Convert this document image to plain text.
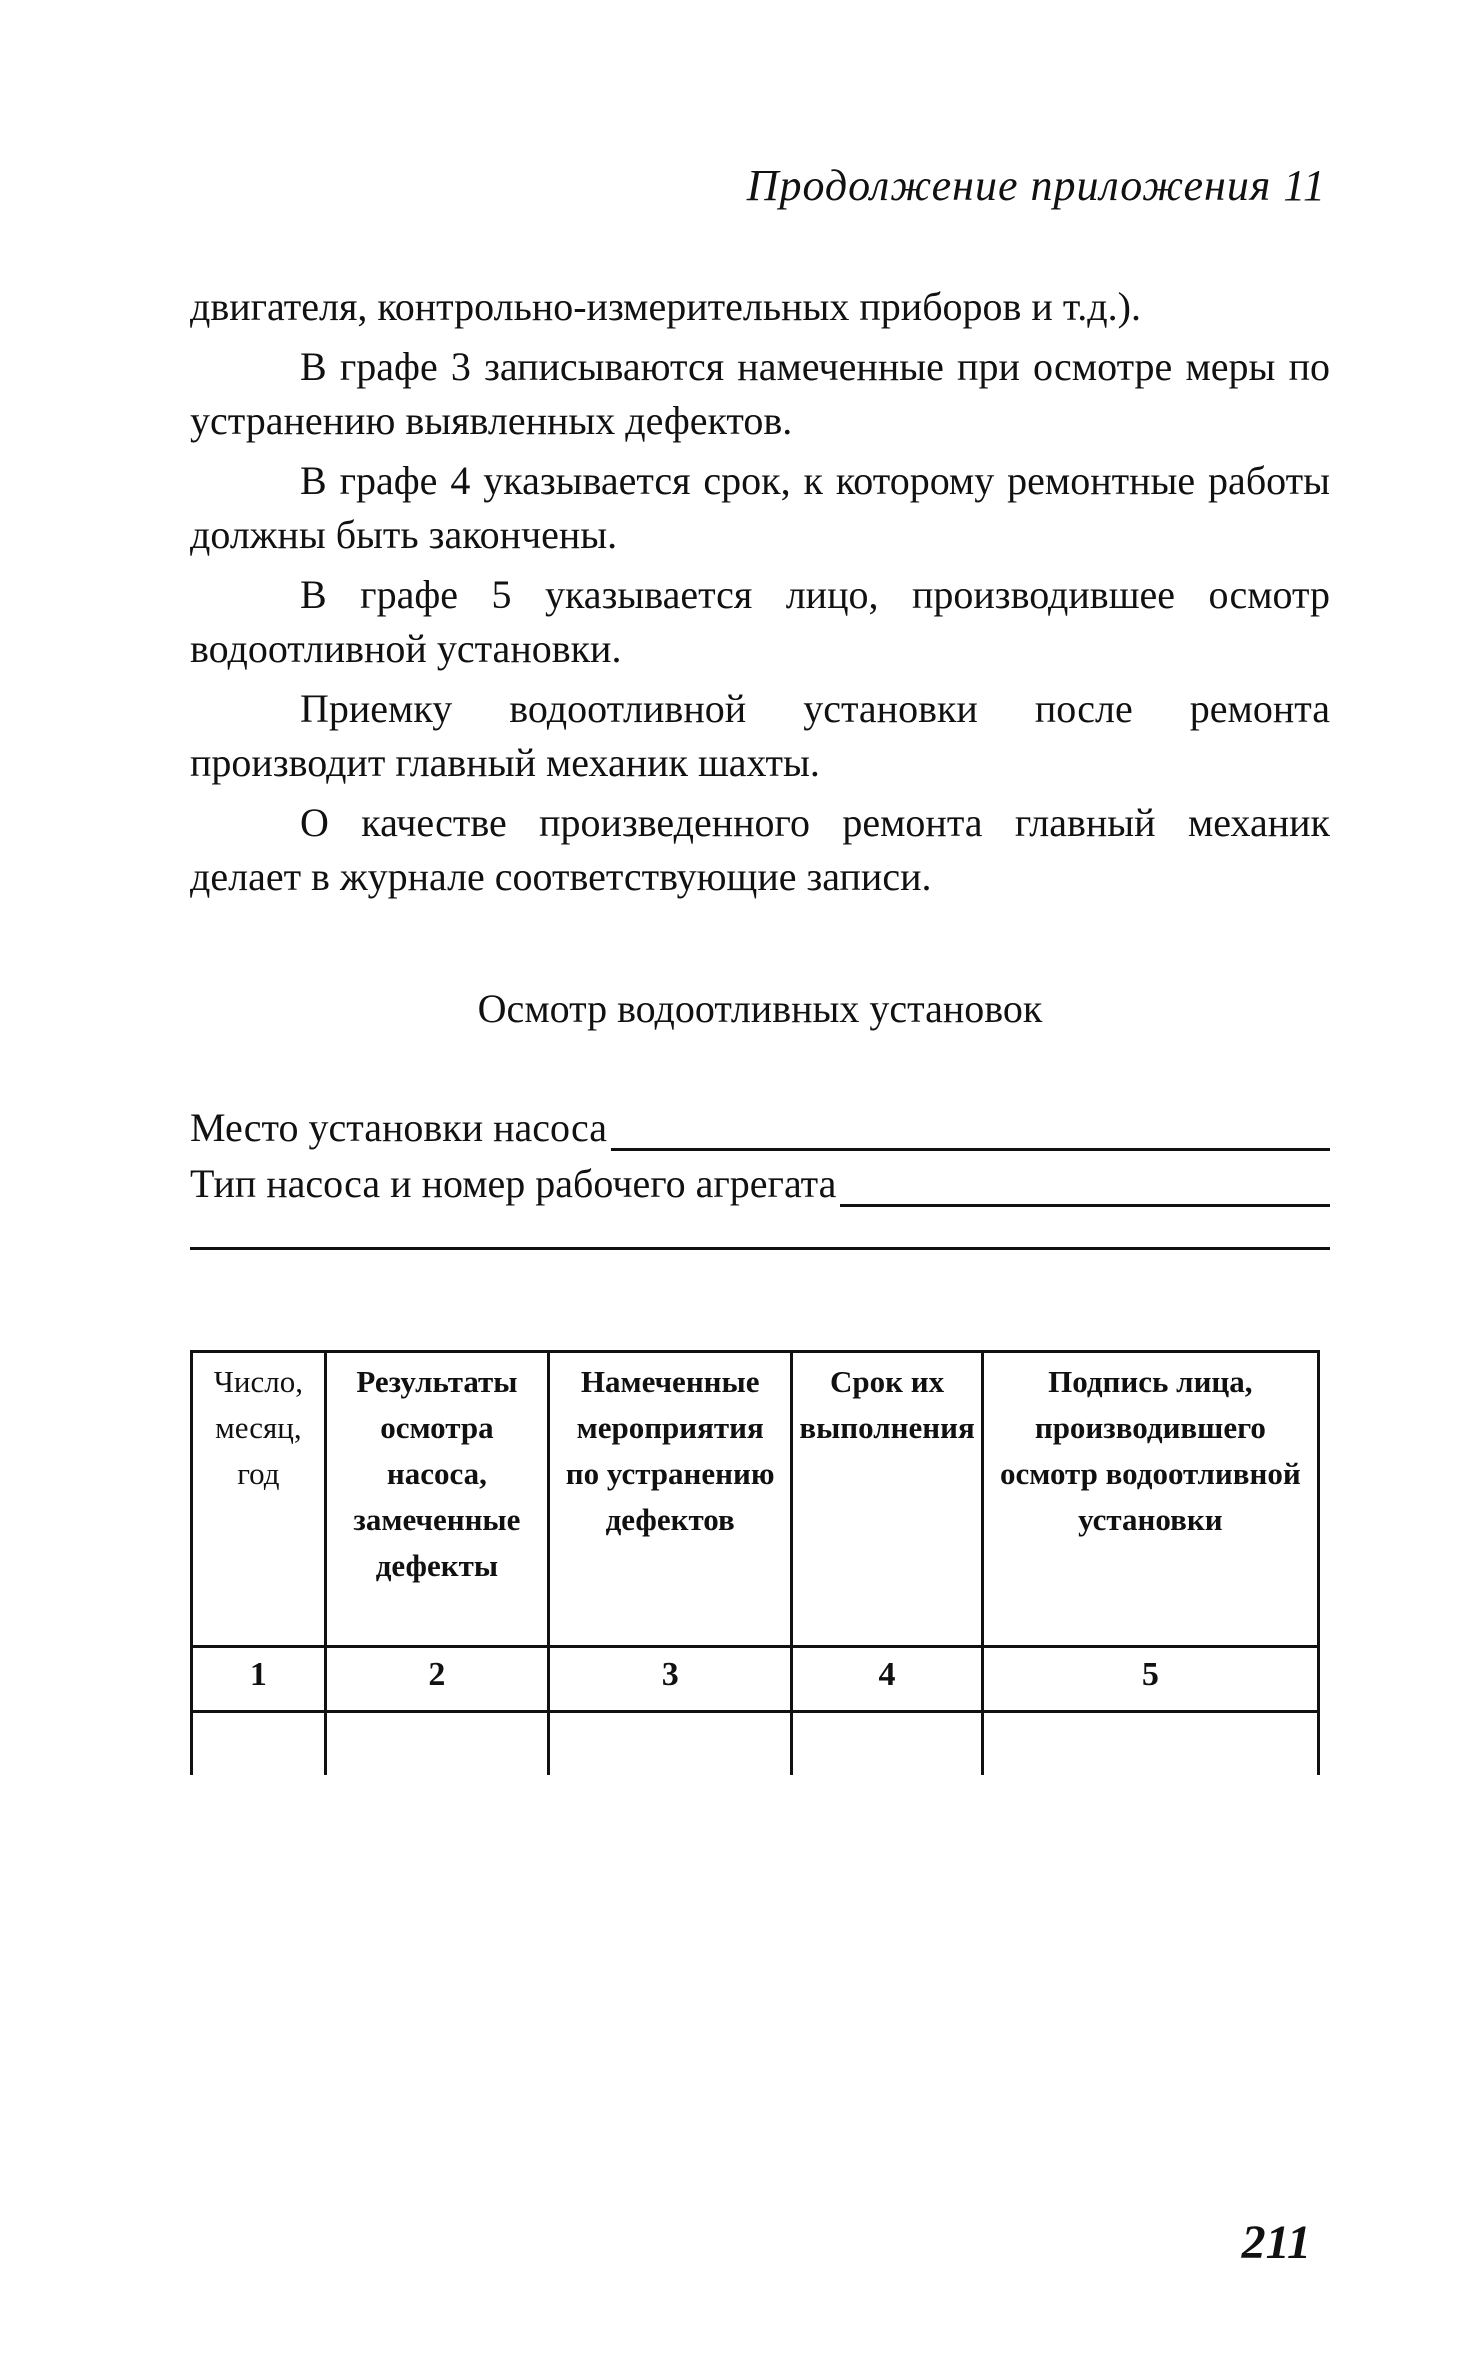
Продолжение приложения 11

двигателя, контрольно-измерительных приборов и т.д.).

В графе 3 записываются намеченные при осмотре меры по устранению выявленных дефектов.

В графе 4 указывается срок, к которому ремонтные работы должны быть закончены.

В графе 5 указывается лицо, производившее осмотр водоотливной установки.

Приемку водоотливной установки после ремонта производит главный механик шахты.

О качестве произведенного ремонта главный механик делает в журнале соответствующие записи.

Осмотр водоотливных установок
Место установки насоса
Тип насоса и номер рабочего агрегата
Число, месяц, год	Результаты осмотра насоса, замеченные дефекты	Намеченные мероприятия по устранению дефектов	Срок их выполнения	Подпись лица, производившего осмотр водоотливной установки
1	2	3	4	5

211
